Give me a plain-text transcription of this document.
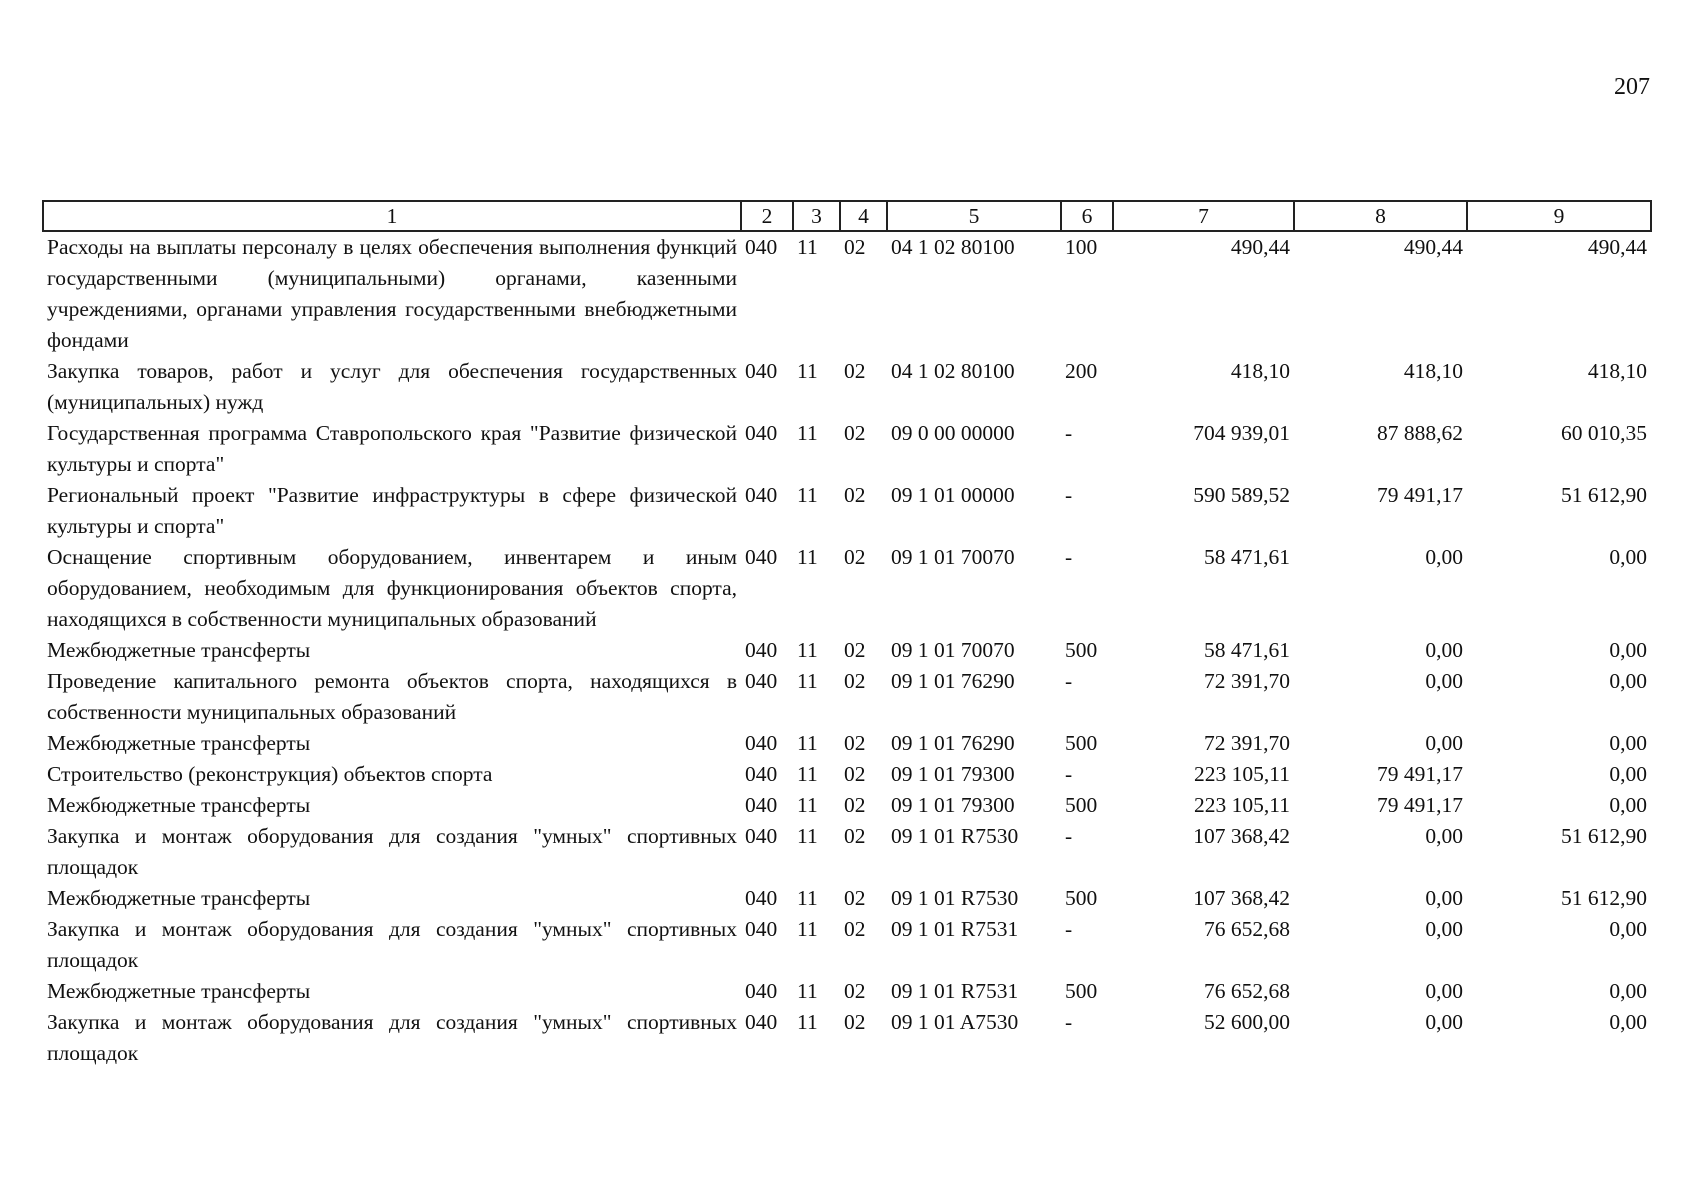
207
1	2	3	4	5	6	7	8	9
Расходы на выплаты персоналу в целях обеспечения выполнения функций государственными (муниципальными) органами, казенными учреждениями, органами управления государственными внебюджетными фондами	040	11	02	04 1 02 80100	100	490,44	490,44	490,44
Закупка товаров, работ и услуг для обеспечения государственных (муниципальных) нужд	040	11	02	04 1 02 80100	200	418,10	418,10	418,10
Государственная программа Ставропольского края "Развитие физической культуры и спорта"	040	11	02	09 0 00 00000	-	704 939,01	87 888,62	60 010,35
Региональный проект "Развитие инфраструктуры в сфере физической культуры и спорта"	040	11	02	09 1 01 00000	-	590 589,52	79 491,17	51 612,90
Оснащение спортивным оборудованием, инвентарем и иным оборудованием, необходимым для функционирования объектов спорта, находящихся в собственности муниципальных образований	040	11	02	09 1 01 70070	-	58 471,61	0,00	0,00
Межбюджетные трансферты	040	11	02	09 1 01 70070	500	58 471,61	0,00	0,00
Проведение капитального ремонта объектов спорта, находящихся в собственности муниципальных образований	040	11	02	09 1 01 76290	-	72 391,70	0,00	0,00
Межбюджетные трансферты	040	11	02	09 1 01 76290	500	72 391,70	0,00	0,00
Строительство (реконструкция) объектов спорта	040	11	02	09 1 01 79300	-	223 105,11	79 491,17	0,00
Межбюджетные трансферты	040	11	02	09 1 01 79300	500	223 105,11	79 491,17	0,00
Закупка и монтаж оборудования для создания "умных" спортивных площадок	040	11	02	09 1 01 R7530	-	107 368,42	0,00	51 612,90
Межбюджетные трансферты	040	11	02	09 1 01 R7530	500	107 368,42	0,00	51 612,90
Закупка и монтаж оборудования для создания "умных" спортивных площадок	040	11	02	09 1 01 R7531	-	76 652,68	0,00	0,00
Межбюджетные трансферты	040	11	02	09 1 01 R7531	500	76 652,68	0,00	0,00
Закупка и монтаж оборудования для создания "умных" спортивных площадок	040	11	02	09 1 01 A7530	-	52 600,00	0,00	0,00
